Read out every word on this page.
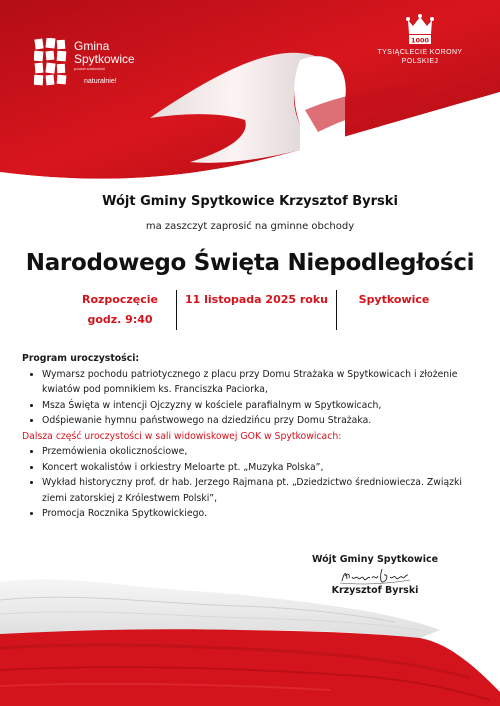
Gmina
Spytkowice
powiat wadowicki
naturalnie!
1000
TYSIĄCLECIE KORONY
POLSKIEJ
Wójt Gminy Spytkowice Krzysztof Byrski
ma zaszczyt zaprosić na gminne obchody
Narodowego Święta Niepodległości
Rozpoczęcie
godz. 9:40
11 listopada 2025 roku	Spytkowice
Program uroczystości:
• Wymarsz pochodu patriotycznego z placu przy Domu Strażaka w Spytkowicach i złożenie kwiatów pod pomnikiem ks. Franciszka Paciorka,
• Msza Święta w intencji Ojczyzny w kościele parafialnym w Spytkowicach,
• Odśpiewanie hymnu państwowego na dziedzińcu przy Domu Strażaka.
Dalsza część uroczystości w sali widowiskowej GOK w Spytkowicach:
• Przemówienia okolicznościowe,
• Koncert wokalistów i orkiestry Meloarte pt. „Muzyka Polska”,
• Wykład historyczny prof. dr hab. Jerzego Rajmana pt. „Dziedzictwo średniowiecza. Związki ziemi zatorskiej z Królestwem Polski”,
• Promocja Rocznika Spytkowickiego.
Wójt Gminy Spytkowice
Krzysztof Byrski
